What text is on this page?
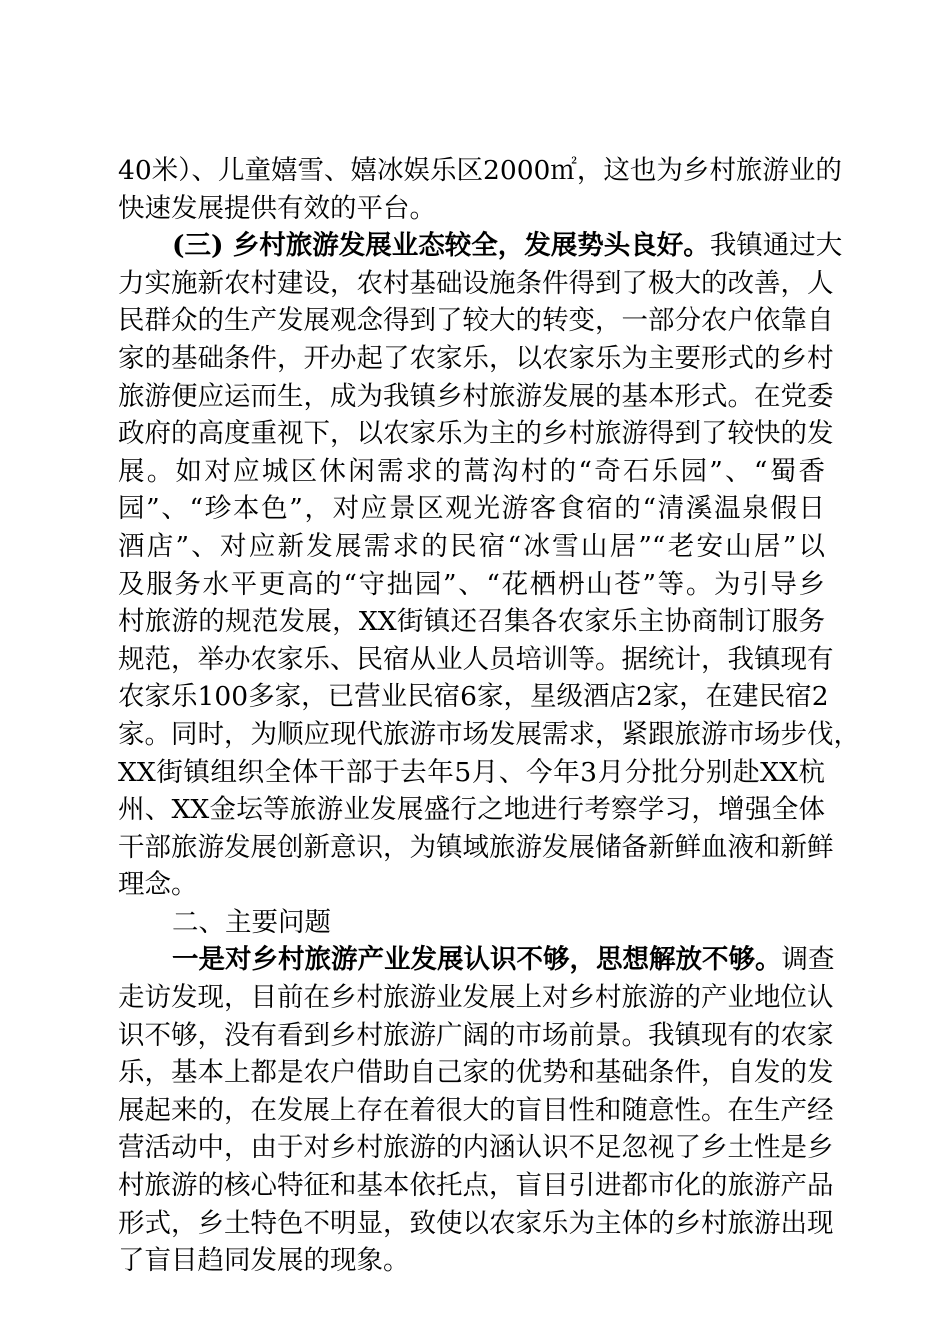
40米）、儿童嬉雪、嬉冰娱乐区2000㎡，这也为乡村旅游业的
快速发展提供有效的平台。
(三) 乡村旅游发展业态较全，发展势头良好。我镇通过大
力实施新农村建设，农村基础设施条件得到了极大的改善，人
民群众的生产发展观念得到了较大的转变，一部分农户依靠自
家的基础条件，开办起了农家乐，以农家乐为主要形式的乡村
旅游便应运而生，成为我镇乡村旅游发展的基本形式。在党委
政府的高度重视下，以农家乐为主的乡村旅游得到了较快的发
展。如对应城区休闲需求的蒿沟村的“奇石乐园”、“蜀香
园”、“珍本色”，对应景区观光游客食宿的“清溪温泉假日
酒店”、对应新发展需求的民宿“冰雪山居”“老安山居”以
及服务水平更高的“守拙园”、“花栖枬山苍”等。为引导乡
村旅游的规范发展，XX街镇还召集各农家乐主协商制订服务
规范，举办农家乐、民宿从业人员培训等。据统计，我镇现有
农家乐100多家，已营业民宿6家，星级酒店2家，在建民宿2
家。同时，为顺应现代旅游市场发展需求，紧跟旅游市场步伐，
XX街镇组织全体干部于去年5月、今年3月分批分别赴XX杭
州、XX金坛等旅游业发展盛行之地进行考察学习，增强全体
干部旅游发展创新意识，为镇域旅游发展储备新鲜血液和新鲜
理念。
二、主要问题
一是对乡村旅游产业发展认识不够，思想解放不够。调查
走访发现，目前在乡村旅游业发展上对乡村旅游的产业地位认
识不够，没有看到乡村旅游广阔的市场前景。我镇现有的农家
乐，基本上都是农户借助自己家的优势和基础条件，自发的发
展起来的，在发展上存在着很大的盲目性和随意性。在生产经
营活动中，由于对乡村旅游的内涵认识不足忽视了乡土性是乡
村旅游的核心特征和基本依托点，盲目引进都市化的旅游产品
形式，乡土特色不明显，致使以农家乐为主体的乡村旅游出现
了盲目趋同发展的现象。
